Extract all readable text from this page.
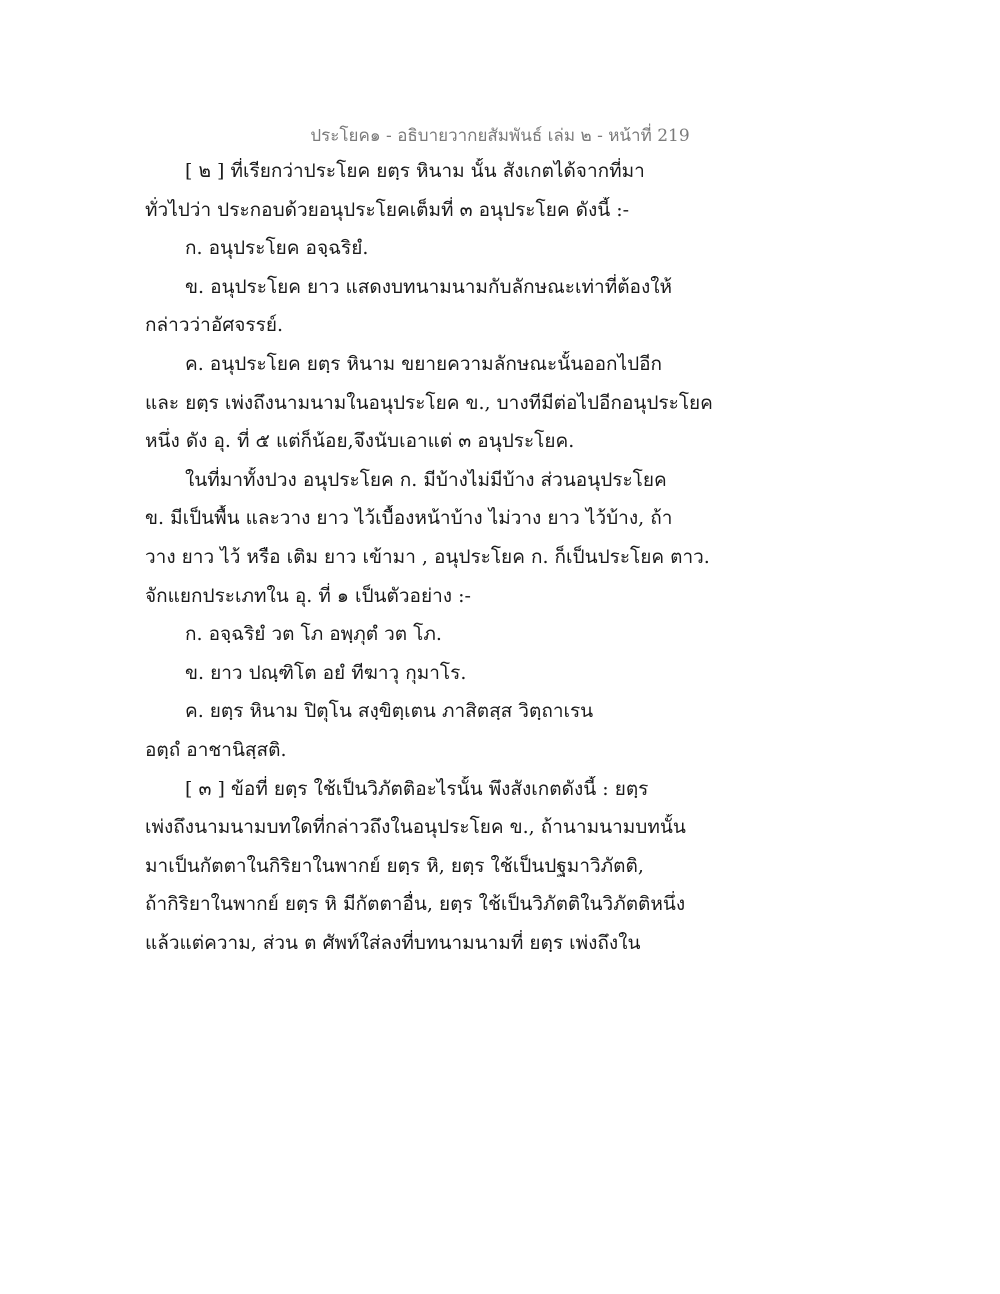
ประโยค๑ - อธิบายวากยสัมพันธ์ เล่ม ๒ - หน้าที่ 219
[ ๒ ] ที่เรียกว่าประโยค ยตฺร หินาม นั้น สังเกตได้จากที่มา
ทั่วไปว่า ประกอบด้วยอนุประโยคเต็มที่ ๓ อนุประโยค ดังนี้ :-
ก. อนุประโยค อจฺฉริยํ.
ข. อนุประโยค ยาว แสดงบทนามนามกับลักษณะเท่าที่ต้องให้
กล่าวว่าอัศจรรย์.
ค. อนุประโยค ยตฺร หินาม ขยายความลักษณะนั้นออกไปอีก
และ ยตฺร เพ่งถึงนามนามในอนุประโยค ข., บางทีมีต่อไปอีกอนุประโยค
หนึ่ง ดัง อุ. ที่ ๕ แต่ก็น้อย,จึงนับเอาแต่ ๓ อนุประโยค.
ในที่มาทั้งปวง อนุประโยค ก. มีบ้างไม่มีบ้าง ส่วนอนุประโยค
ข. มีเป็นพื้น และวาง ยาว ไว้เบื้องหน้าบ้าง ไม่วาง ยาว ไว้บ้าง, ถ้า
วาง ยาว ไว้ หรือ เติม ยาว เข้ามา , อนุประโยค ก. ก็เป็นประโยค ตาว.
จักแยกประเภทใน อุ. ที่ ๑ เป็นตัวอย่าง :-
ก. อจฺฉริยํ วต โภ อพฺภุตํ วต โภ.
ข. ยาว ปณฺฑิโต อยํ ทีฆาวุ กุมาโร.
ค. ยตฺร หินาม ปิตุโน สงฺขิตฺเตน ภาสิตสฺส วิตฺถาเรน
อตฺถํ อาชานิสฺสติ.
[ ๓ ] ข้อที่ ยตฺร ใช้เป็นวิภัตติอะไรนั้น พึงสังเกตดังนี้ : ยตฺร
เพ่งถึงนามนามบทใดที่กล่าวถึงในอนุประโยค ข., ถ้านามนามบทนั้น
มาเป็นกัตตาในกิริยาในพากย์ ยตฺร หิ, ยตฺร ใช้เป็นปฐมาวิภัตติ,
ถ้ากิริยาในพากย์ ยตฺร หิ มีกัตตาอื่น, ยตฺร ใช้เป็นวิภัตติในวิภัตติหนึ่ง
แล้วแต่ความ, ส่วน ต ศัพท์ใส่ลงที่บทนามนามที่ ยตฺร เพ่งถึงใน
